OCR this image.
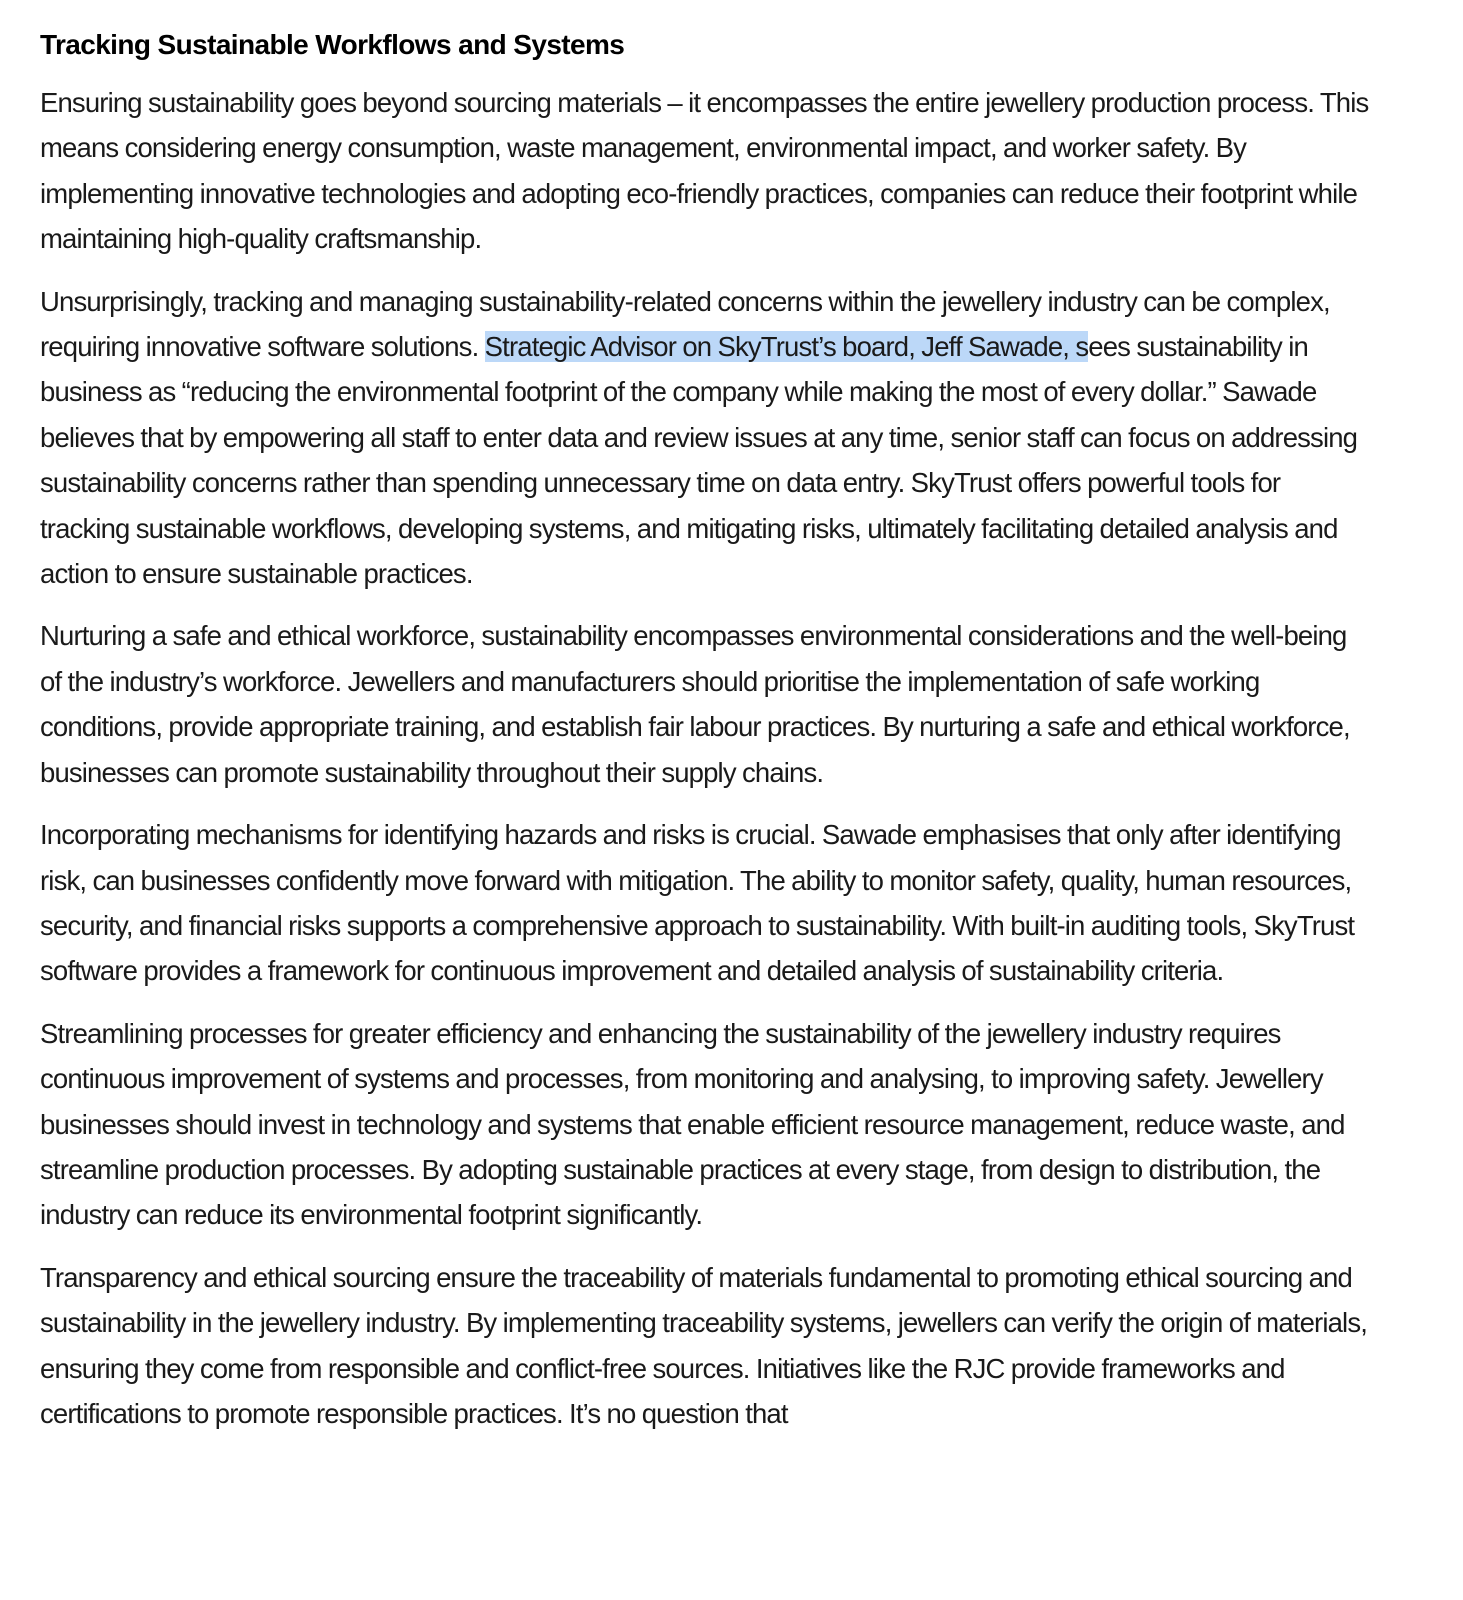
Tracking Sustainable Workflows and Systems

Ensuring sustainability goes beyond sourcing materials – it encompasses the entire jewellery production process. This means considering energy consumption, waste management, environmental impact, and worker safety. By implementing innovative technologies and adopting eco-friendly practices, companies can reduce their footprint while maintaining high-quality craftsmanship.

Unsurprisingly, tracking and managing sustainability-related concerns within the jewellery industry can be complex, requiring innovative software solutions. Strategic Advisor on SkyTrust’s board, Jeff Sawade, sees sustainability in business as “reducing the environmental footprint of the company while making the most of every dollar.” Sawade believes that by empowering all staff to enter data and review issues at any time, senior staff can focus on addressing sustainability concerns rather than spending unnecessary time on data entry. SkyTrust offers powerful tools for tracking sustainable workflows, developing systems, and mitigating risks, ultimately facilitating detailed analysis and action to ensure sustainable practices.

Nurturing a safe and ethical workforce, sustainability encompasses environmental considerations and the well-being of the industry’s workforce. Jewellers and manufacturers should prioritise the implementation of safe working conditions, provide appropriate training, and establish fair labour practices. By nurturing a safe and ethical workforce, businesses can promote sustainability throughout their supply chains.

Incorporating mechanisms for identifying hazards and risks is crucial. Sawade emphasises that only after identifying risk, can businesses confidently move forward with mitigation. The ability to monitor safety, quality, human resources, security, and financial risks supports a comprehensive approach to sustainability. With built-in auditing tools, SkyTrust software provides a framework for continuous improvement and detailed analysis of sustainability criteria.

Streamlining processes for greater efficiency and enhancing the sustainability of the jewellery industry requires continuous improvement of systems and processes, from monitoring and analysing, to improving safety. Jewellery businesses should invest in technology and systems that enable efficient resource management, reduce waste, and streamline production processes. By adopting sustainable practices at every stage, from design to distribution, the industry can reduce its environmental footprint significantly.

Transparency and ethical sourcing ensure the traceability of materials fundamental to promoting ethical sourcing and sustainability in the jewellery industry. By implementing traceability systems, jewellers can verify the origin of materials, ensuring they come from responsible and conflict-free sources. Initiatives like the RJC provide frameworks and certifications to promote responsible practices. It’s no question that
